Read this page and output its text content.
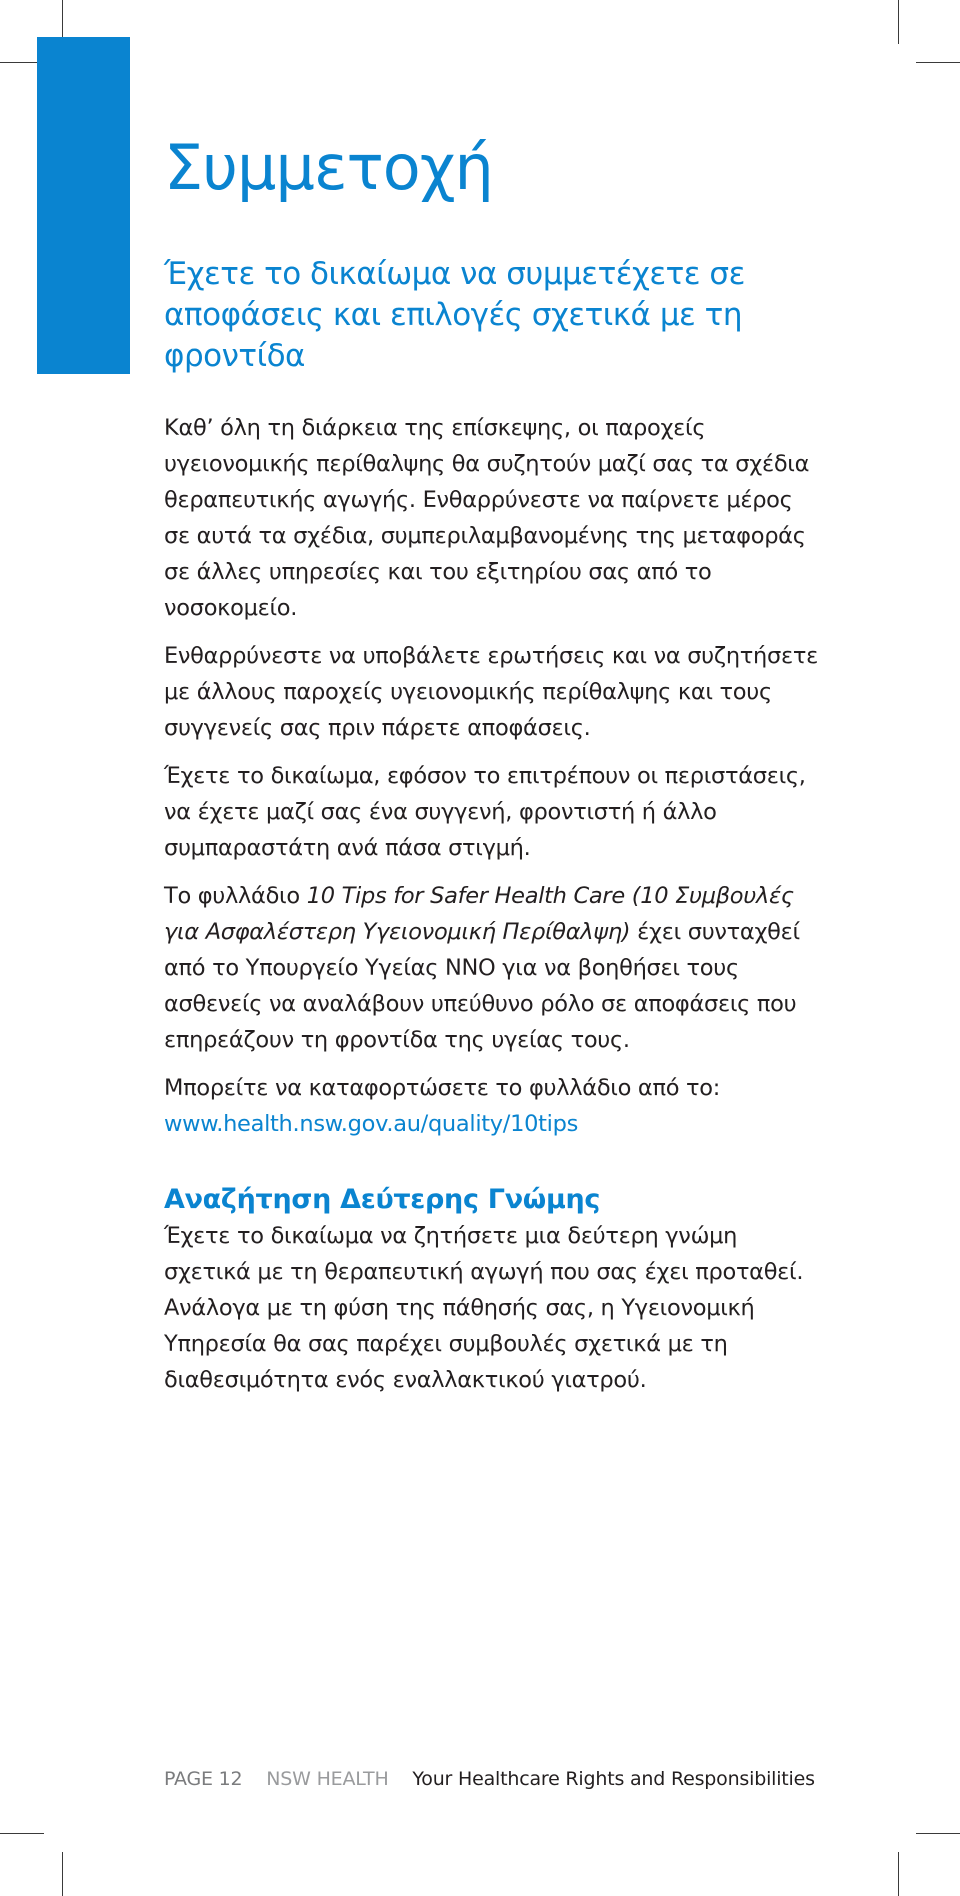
Συμμετοχή
Έχετε το δικαίωμα να συμμετέχετε σε αποφάσεις και επιλογές σχετικά με τη φροντίδα

Καθ’ όλη τη διάρκεια της επίσκεψης, οι παροχείς υγειονομικής περίθαλψης θα συζητούν μαζί σας τα σχέδια θεραπευτικής αγωγής. Ενθαρρύνεστε να παίρνετε μέρος σε αυτά τα σχέδια, συμπεριλαμβανομένης της μεταφοράς σε άλλες υπηρεσίες και του εξιτηρίου σας από το νοσοκομείο.

Ενθαρρύνεστε να υποβάλετε ερωτήσεις και να συζητήσετε με άλλους παροχείς υγειονομικής περίθαλψης και τους συγγενείς σας πριν πάρετε αποφάσεις.

Έχετε το δικαίωμα, εφόσον το επιτρέπουν οι περιστάσεις, να έχετε μαζί σας ένα συγγενή, φροντιστή ή άλλο συμπαραστάτη ανά πάσα στιγμή.

Το φυλλάδιο 10 Tips for Safer Health Care (10 Συμβουλές για Ασφαλέστερη Υγειονομική Περίθαλψη) έχει συνταχθεί από το Υπουργείο Υγείας ΝΝΟ για να βοηθήσει τους ασθενείς να αναλάβουν υπεύθυνο ρόλο σε αποφάσεις που επηρεάζουν τη φροντίδα της υγείας τους.

Μπορείτε να καταφορτώσετε το φυλλάδιο από το:
www.health.nsw.gov.au/quality/10tips

Αναζήτηση Δεύτερης Γνώμης

Έχετε το δικαίωμα να ζητήσετε μια δεύτερη γνώμη σχετικά με τη θεραπευτική αγωγή που σας έχει προταθεί. Ανάλογα με τη φύση της πάθησής σας, η Υγειονομική Υπηρεσία θα σας παρέχει συμβουλές σχετικά με τη διαθεσιμότητα ενός εναλλακτικού γιατρού.

PAGE 12 NSW HEALTH Your Healthcare Rights and Responsibilities
